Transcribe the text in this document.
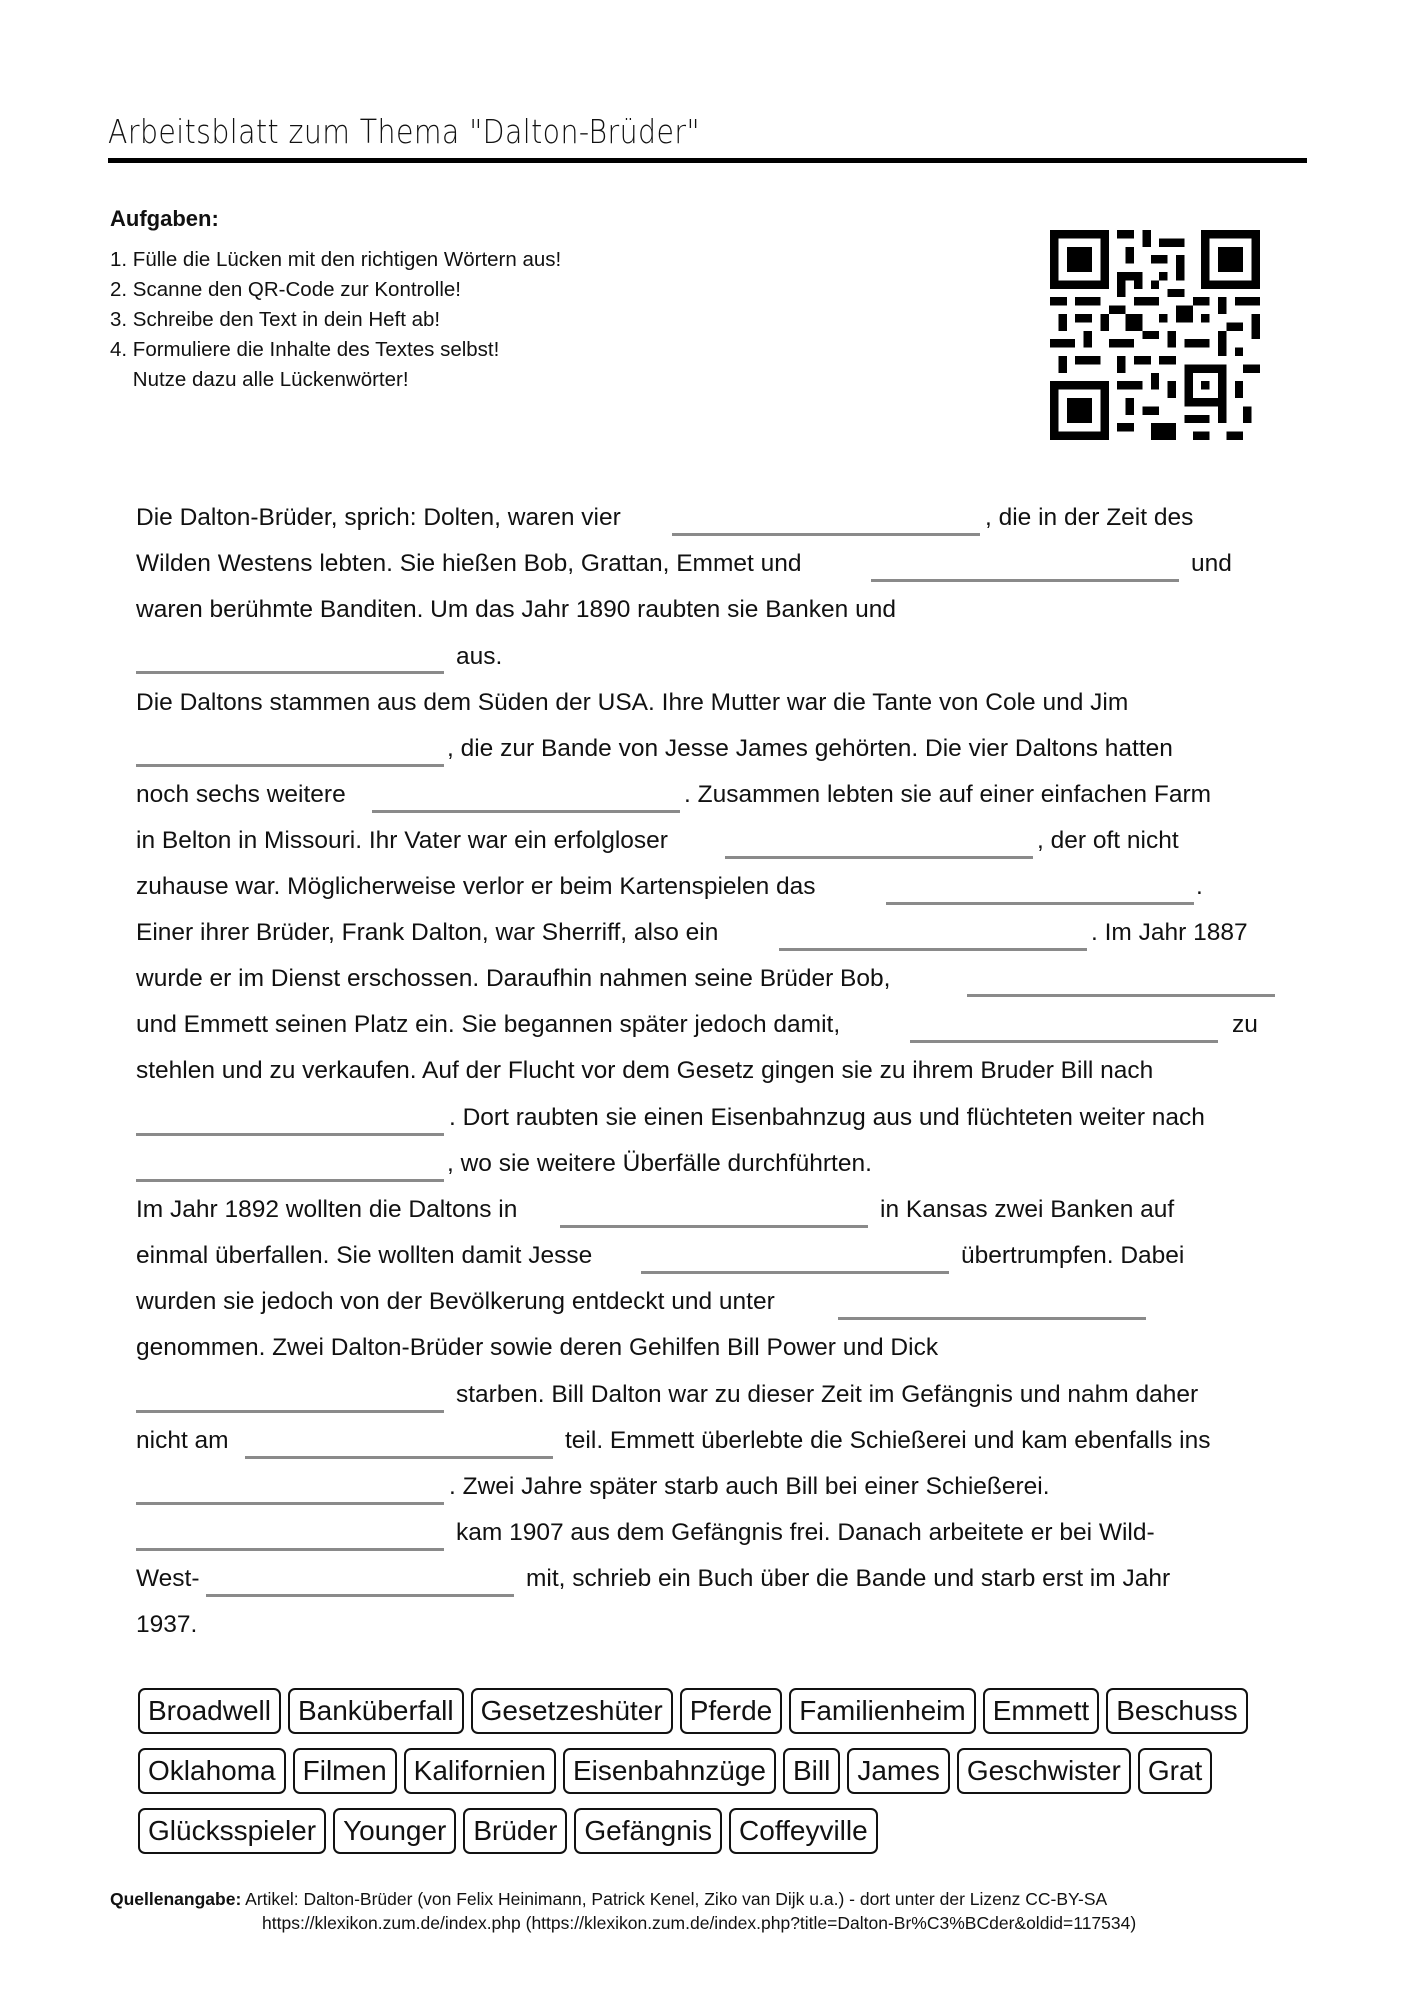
Arbeitsblatt zum Thema "Dalton-Brüder"
Aufgaben:
1. Fülle die Lücken mit den richtigen Wörtern aus!
2. Scanne den QR-Code zur Kontrolle!
3. Schreibe den Text in dein Heft ab!
4. Formuliere die Inhalte des Textes selbst!
Nutze dazu alle Lückenwörter!
Die Dalton-Brüder, sprich: Dolten, waren vier	, die in der Zeit des
Wilden Westens lebten. Sie hießen Bob, Grattan, Emmet und	und
waren berühmte Banditen. Um das Jahr 1890 raubten sie Banken und
aus.
Die Daltons stammen aus dem Süden der USA. Ihre Mutter war die Tante von Cole und Jim
, die zur Bande von Jesse James gehörten. Die vier Daltons hatten
noch sechs weitere	. Zusammen lebten sie auf einer einfachen Farm
in Belton in Missouri. Ihr Vater war ein erfolgloser	, der oft nicht
zuhause war. Möglicherweise verlor er beim Kartenspielen das	.
Einer ihrer Brüder, Frank Dalton, war Sherriff, also ein	. Im Jahr 1887
wurde er im Dienst erschossen. Daraufhin nahmen seine Brüder Bob,
und Emmett seinen Platz ein. Sie begannen später jedoch damit,	zu
stehlen und zu verkaufen. Auf der Flucht vor dem Gesetz gingen sie zu ihrem Bruder Bill nach
. Dort raubten sie einen Eisenbahnzug aus und flüchteten weiter nach
, wo sie weitere Überfälle durchführten.
Im Jahr 1892 wollten die Daltons in	in Kansas zwei Banken auf
einmal überfallen. Sie wollten damit Jesse	übertrumpfen. Dabei
wurden sie jedoch von der Bevölkerung entdeckt und unter
genommen. Zwei Dalton-Brüder sowie deren Gehilfen Bill Power und Dick
starben. Bill Dalton war zu dieser Zeit im Gefängnis und nahm daher
nicht am	teil. Emmett überlebte die Schießerei und kam ebenfalls ins
. Zwei Jahre später starb auch Bill bei einer Schießerei.
kam 1907 aus dem Gefängnis frei. Danach arbeitete er bei Wild-
West-	mit, schrieb ein Buch über die Bande und starb erst im Jahr
1937.
Broadwell Banküberfall Gesetzeshüter Pferde Familienheim Emmett Beschuss
Oklahoma Filmen Kalifornien Eisenbahnzüge Bill James Geschwister Grat
Glücksspieler Younger Brüder Gefängnis Coffeyville
Quellenangabe: Artikel: Dalton-Brüder (von Felix Heinimann, Patrick Kenel, Ziko van Dijk u.a.) - dort unter der Lizenz CC-BY-SA
https://klexikon.zum.de/index.php (https://klexikon.zum.de/index.php?title=Dalton-Br%C3%BCder&oldid=117534)
